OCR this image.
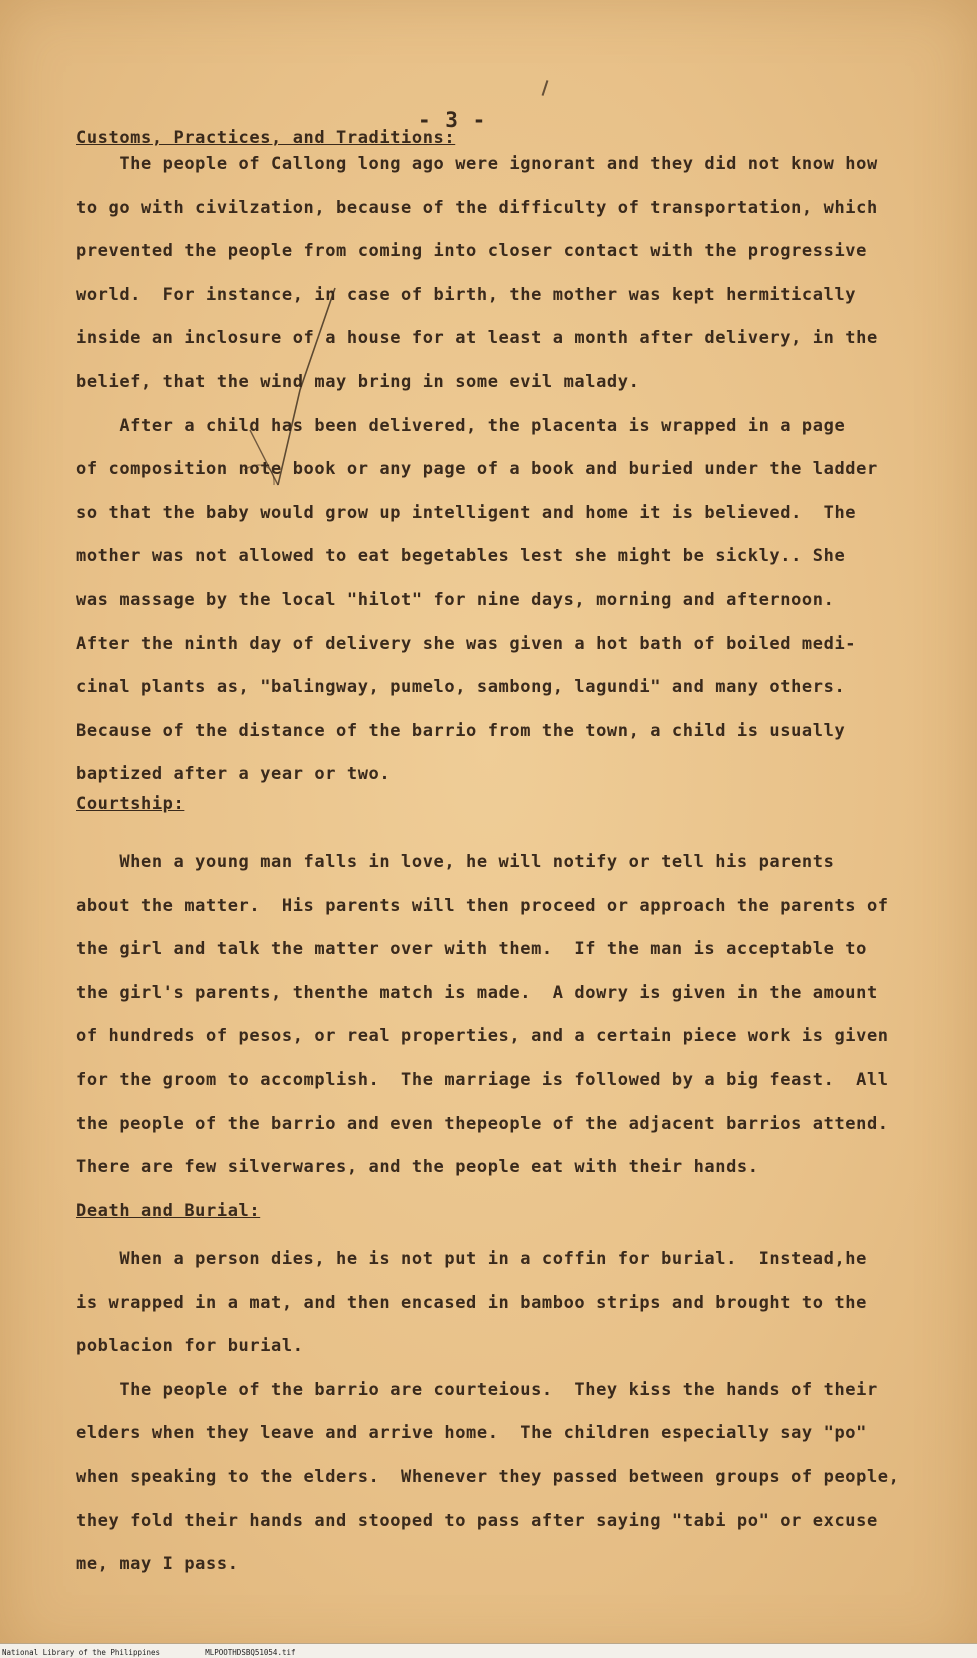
- 3 -
Customs, Practices, and Traditions:
The people of Callong long ago were ignorant and they did not know how
to go with civilzation, because of the difficulty of transportation, which
prevented the people from coming into closer contact with the progressive
world.  For instance, in case of birth, the mother was kept hermitically
inside an inclosure of a house for at least a month after delivery, in the
belief, that the wind may bring in some evil malady.
After a child has been delivered, the placenta is wrapped in a page
of composition note book or any page of a book and buried under the ladder
so that the baby would grow up intelligent and home it is believed.  The
mother was not allowed to eat begetables lest she might be sickly.. She
was massage by the local "hilot" for nine days, morning and afternoon.
After the ninth day of delivery she was given a hot bath of boiled medi-
cinal plants as, "balingway, pumelo, sambong, lagundi" and many others.
Because of the distance of the barrio from the town, a child is usually
baptized after a year or two.
Courtship:
When a young man falls in love, he will notify or tell his parents
about the matter.  His parents will then proceed or approach the parents of
the girl and talk the matter over with them.  If the man is acceptable to
the girl's parents, thenthe match is made.  A dowry is given in the amount
of hundreds of pesos, or real properties, and a certain piece work is given
for the groom to accomplish.  The marriage is followed by a big feast.  All
the people of the barrio and even thepeople of the adjacent barrios attend.
There are few silverwares, and the people eat with their hands.
Death and Burial:
When a person dies, he is not put in a coffin for burial.  Instead,he
is wrapped in a mat, and then encased in bamboo strips and brought to the
poblacion for burial.
The people of the barrio are courteious.  They kiss the hands of their
elders when they leave and arrive home.  The children especially say "po"
when speaking to the elders.  Whenever they passed between groups of people,
they fold their hands and stooped to pass after saying "tabi po" or excuse
me, may I pass.
National Library of the Philippines	MLPOOTHDSBQ51054.tif
